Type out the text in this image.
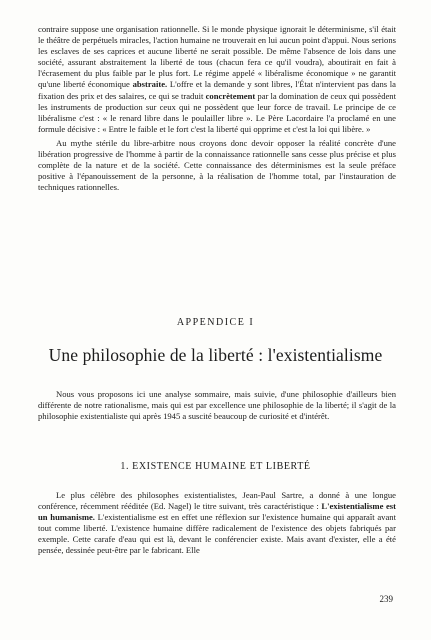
contraire suppose une organisation rationnelle. Si le monde physique ignorait le déterminisme, s'il était le théâtre de perpétuels miracles, l'action humaine ne trouverait en lui aucun point d'appui. Nous serions les esclaves de ses caprices et aucune liberté ne serait possible. De même l'absence de lois dans une société, assurant abstraitement la liberté de tous (chacun fera ce qu'il voudra), aboutirait en fait à l'écrasement du plus faible par le plus fort. Le régime appelé « libéralisme économique » ne garantit qu'une liberté économique abstraite. L'offre et la demande y sont libres, l'État n'intervient pas dans la fixation des prix et des salaires, ce qui se traduit concrètement par la domination de ceux qui possèdent les instruments de production sur ceux qui ne possèdent que leur force de travail. Le principe de ce libéralisme c'est : « le renard libre dans le poulailler libre ». Le Père Lacordaire l'a proclamé en une formule décisive : « Entre le faible et le fort c'est la liberté qui opprime et c'est la loi qui libère. »

Au mythe stérile du libre-arbitre nous croyons donc devoir opposer la réalité concrète d'une libération progressive de l'homme à partir de la connaissance rationnelle sans cesse plus précise et plus complète de la nature et de la société. Cette connaissance des déterminismes est la seule préface positive à l'épanouissement de la personne, à la réalisation de l'homme total, par l'instauration de techniques rationnelles.

APPENDICE I
Une philosophie de la liberté : l'existentialisme

Nous vous proposons ici une analyse sommaire, mais suivie, d'une philosophie d'ailleurs bien différente de notre rationalisme, mais qui est par excellence une philosophie de la liberté; il s'agit de la philosophie existentialiste qui après 1945 a suscité beaucoup de curiosité et d'intérêt.

1. EXISTENCE HUMAINE ET LIBERTÉ

Le plus célèbre des philosophes existentialistes, Jean-Paul Sartre, a donné à une longue conférence, récemment rééditée (Ed. Nagel) le titre suivant, très caractéristique : L'existentialisme est un humanisme. L'existentialisme est en effet une réflexion sur l'existence humaine qui apparaît avant tout comme liberté. L'existence humaine diffère radicalement de l'existence des objets fabriqués par exemple. Cette carafe d'eau qui est là, devant le conférencier existe. Mais avant d'exister, elle a été pensée, dessinée peut-être par le fabricant. Elle

239
